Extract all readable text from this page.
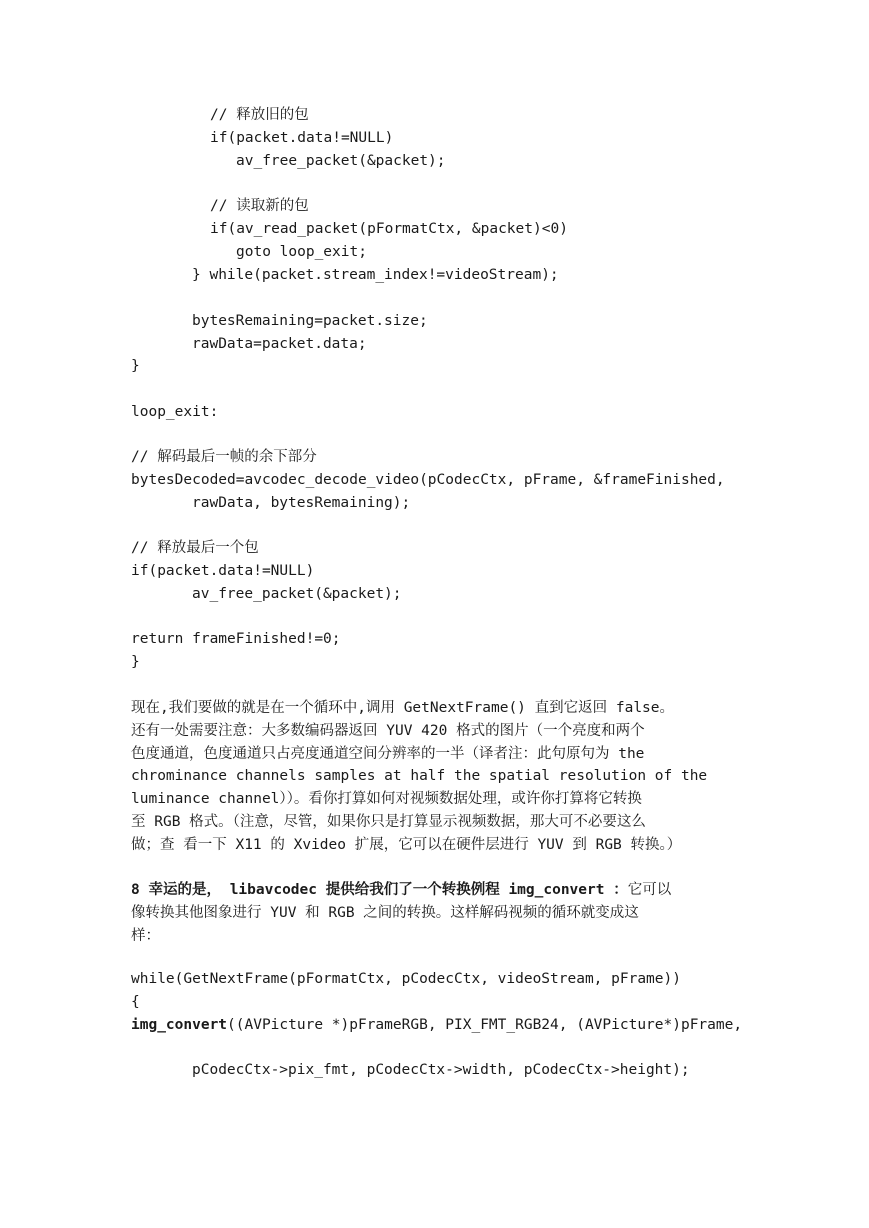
// 释放旧的包
if(packet.data!=NULL)
av_free_packet(&packet);
// 读取新的包
if(av_read_packet(pFormatCtx, &packet)<0)
goto loop_exit;
} while(packet.stream_index!=videoStream);
bytesRemaining=packet.size;
rawData=packet.data;
}
loop_exit:
// 解码最后一帧的余下部分
bytesDecoded=avcodec_decode_video(pCodecCtx, pFrame, &frameFinished,
rawData, bytesRemaining);
// 释放最后一个包
if(packet.data!=NULL)
av_free_packet(&packet);
return frameFinished!=0;
}
现在,我们要做的就是在一个循环中,调用 GetNextFrame() 直到它返回 false。
还有一处需要注意：大多数编码器返回 YUV 420 格式的图片（一个亮度和两个
色度通道，色度通道只占亮度通道空间分辨率的一半（译者注：此句原句为 the
chrominance channels samples at half the spatial resolution of the
luminance channel））。看你打算如何对视频数据处理，或许你打算将它转换
至 RGB 格式。（注意，尽管，如果你只是打算显示视频数据，那大可不必要这么
做；查 看一下 X11 的 Xvideo 扩展，它可以在硬件层进行 YUV 到 RGB 转换。）
8 幸运的是， libavcodec 提供给我们了一个转换例程 img_convert ：它可以
像转换其他图象进行 YUV 和 RGB 之间的转换。这样解码视频的循环就变成这
样：
while(GetNextFrame(pFormatCtx, pCodecCtx, videoStream, pFrame))
{
img_convert((AVPicture *)pFrameRGB, PIX_FMT_RGB24, (AVPicture*)pFrame,
pCodecCtx->pix_fmt, pCodecCtx->width, pCodecCtx->height);
